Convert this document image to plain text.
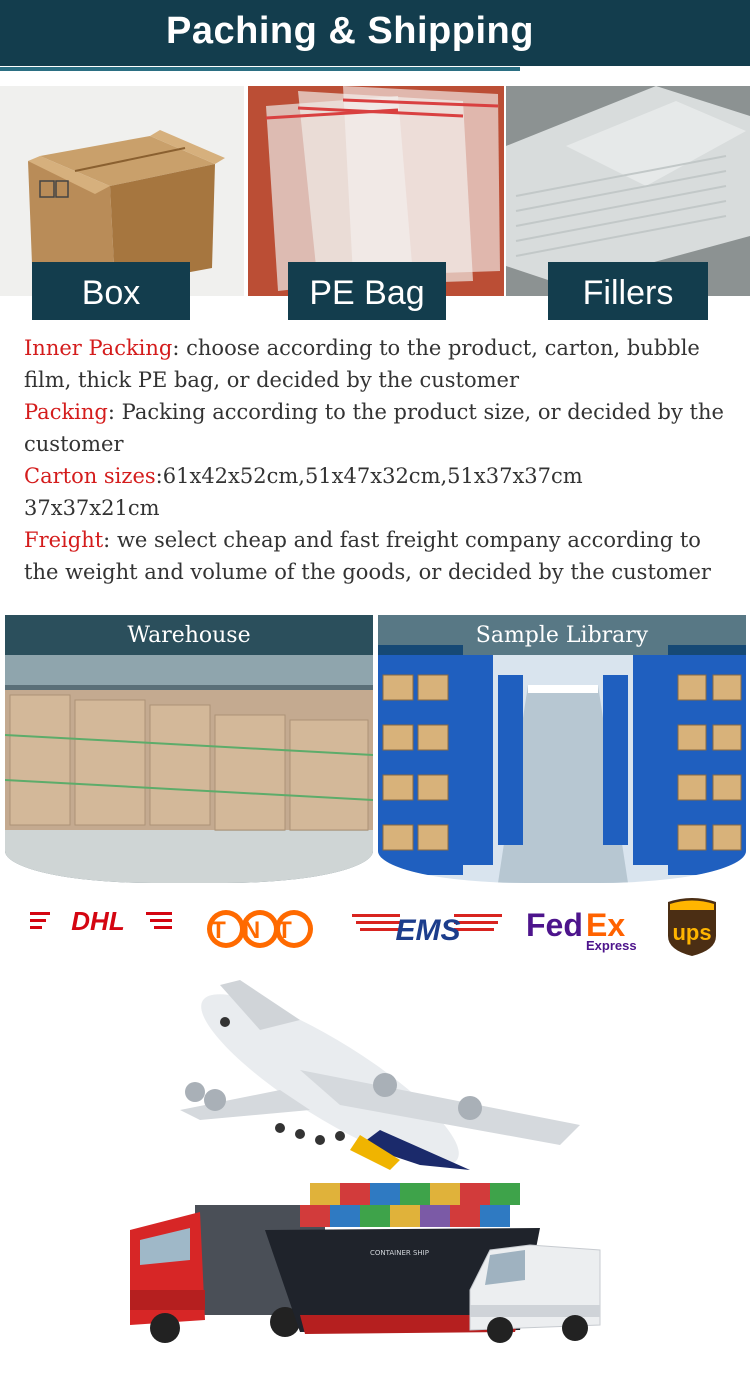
Paching & Shipping
Box	PE Bag	Fillers

Inner Packing: choose according to the product, carton, bubble film, thick PE bag, or decided by the customer

Packing: Packing according to the product size, or decided by the customer

Carton sizes:61x42x52cm,51x47x32cm,51x37x37cm 37x37x21cm

Freight: we select cheap and fast freight company according to the weight and volume of the goods, or decided by the customer

Warehouse	Sample Library
DHL	TNT	EMS Fed Ex
Express
ups
CONTAINER SHIP
